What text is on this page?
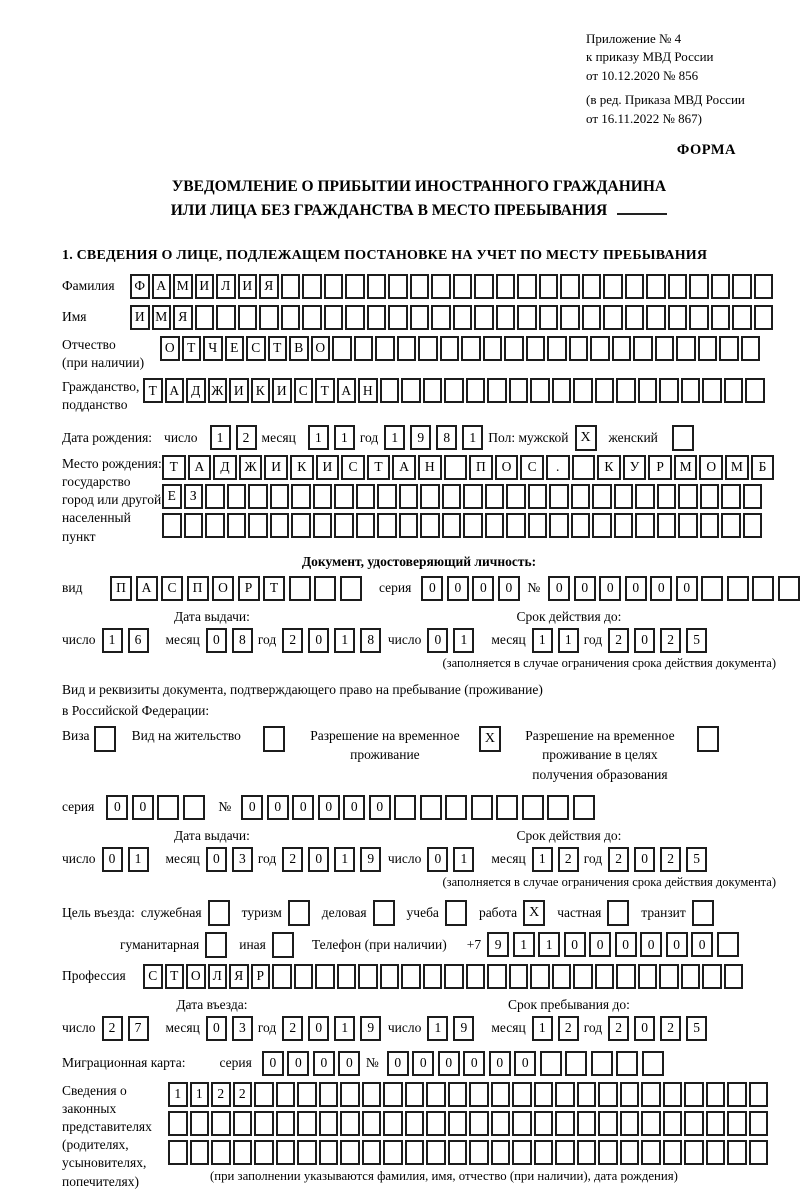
Приложение № 4
к приказу МВД России
от 10.12.2020 № 856
(в ред. Приказа МВД России
от 16.11.2022 № 867)
ФОРМА
УВЕДОМЛЕНИЕ О ПРИБЫТИИ ИНОСТРАННОГО ГРАЖДАНИНА
ИЛИ ЛИЦА БЕЗ ГРАЖДАНСТВА В МЕСТО ПРЕБЫВАНИЯ
1. СВЕДЕНИЯ О ЛИЦЕ, ПОДЛЕЖАЩЕМ ПОСТАНОВКЕ НА УЧЕТ ПО МЕСТУ ПРЕБЫВАНИЯ
Фамилия	Ф А М И Л И Я
Имя	И М Я
Отчество
(при наличии)
О Т Ч Е С Т В О
Гражданство,
подданство
Т А Д Ж И К И С Т А Н
Дата рождения: число	1	2 месяц	1	1 год 1	9	8	1 Пол: мужской X	женский
Место рождения:
государство
город или другой
населенный пункт
Т	А	Д	Ж	И	К	И	С	Т	А	Н	П	О	С	.	К	У	Р	М	О	М	Б
Е	З
Документ, удостоверяющий личность:
вид	П	А	С	П	О	Р	Т	серия	0	0	0	0	№	0	0	0	0	0	0
Дата выдачи:
число 1	6	месяц 0	8 год 2	0	1	8
Срок действия до:
число 0	1	месяц 1	1 год 2	0	2	5
(заполняется в случае ограничения срока действия документа)
Вид и реквизиты документа, подтверждающего право на пребывание (проживание)
в Российской Федерации:
Виза	Вид на жительство	Разрешение на временное
проживание
X	Разрешение на временное
проживание в целях
получения образования
серия	0	0	№	0	0	0	0	0	0
Дата выдачи:
число 0	1	месяц 0	3 год 2	0	1	9
Срок действия до:
число 0	1	месяц 1	2 год 2	0	2	5
(заполняется в случае ограничения срока действия документа)
Цель въезда: служебная	туризм	деловая	учеба	работа X	частная	транзит
гуманитарная	иная	Телефон (при наличии) +7	9	1	1	0	0	0	0	0	0
Профессия	С Т О Л Я Р
Дата въезда:
число 2	7	месяц 0	3 год 2	0	1	9
Срок пребывания до:
число 1	9	месяц 1	2 год 2	0	2	5
Миграционная карта:	серия	0	0	0	0 №	0	0	0	0	0	0
Сведения о
законных
представителях
(родителях,
усыновителях,
попечителях)
1	1	2	2
(при заполнении указываются фамилия, имя, отчество (при наличии), дата рождения)
